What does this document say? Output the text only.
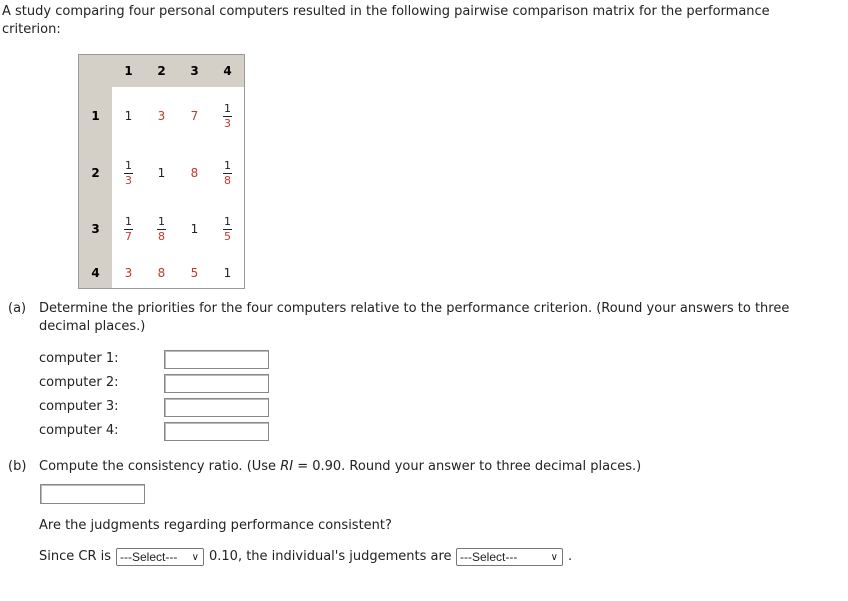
A study comparing four personal computers resulted in the following pairwise comparison matrix for the performance criterion:
	1	2	3	4
1	1	3	7	$\frac{1}{3}$

2	$\frac{1}{3}$	1	8	$\frac{1}{8}$

3	$\frac{1}{7}$	$\frac{1}{8}$	1	$\frac{1}{5}$

4	3	8	5	1
(a) Determine the priorities for the four computers relative to the performance criterion. (Round your answers to three decimal places.)
computer 1:
computer 2:
computer 3:
computer 4:
(b) Compute the consistency ratio. (Use RI = 0.90. Round your answer to three decimal places.)
Are the judgments regarding performance consistent?
Since CR is ---Select--- ∨ 0.10, the individual's judgements are ---Select---	∨ .
